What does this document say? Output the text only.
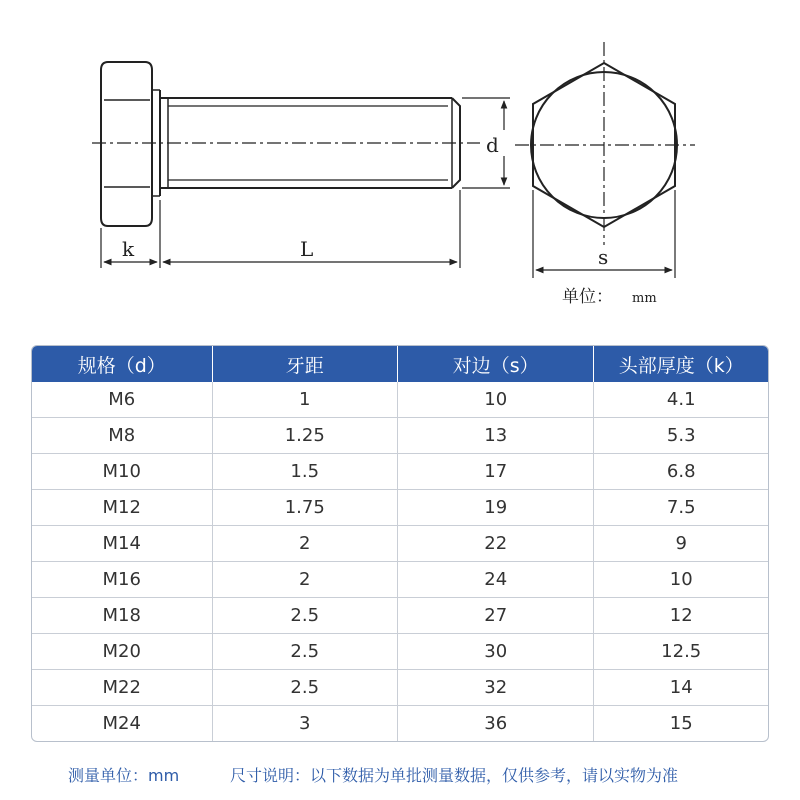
k	L
d
s
单位： mm
规格（d）	牙距	对边（s）	头部厚度（k）
M6	1	10	4.1
M8	1.25	13	5.3
M10	1.5	17	6.8
M12	1.75	19	7.5
M14	2	22	9
M16	2	24	10
M18	2.5	27	12
M20	2.5	30	12.5
M22	2.5	32	14
M24	3	36	15
测量单位：mm	尺寸说明：以下数据为单批测量数据，仅供参考，请以实物为准
